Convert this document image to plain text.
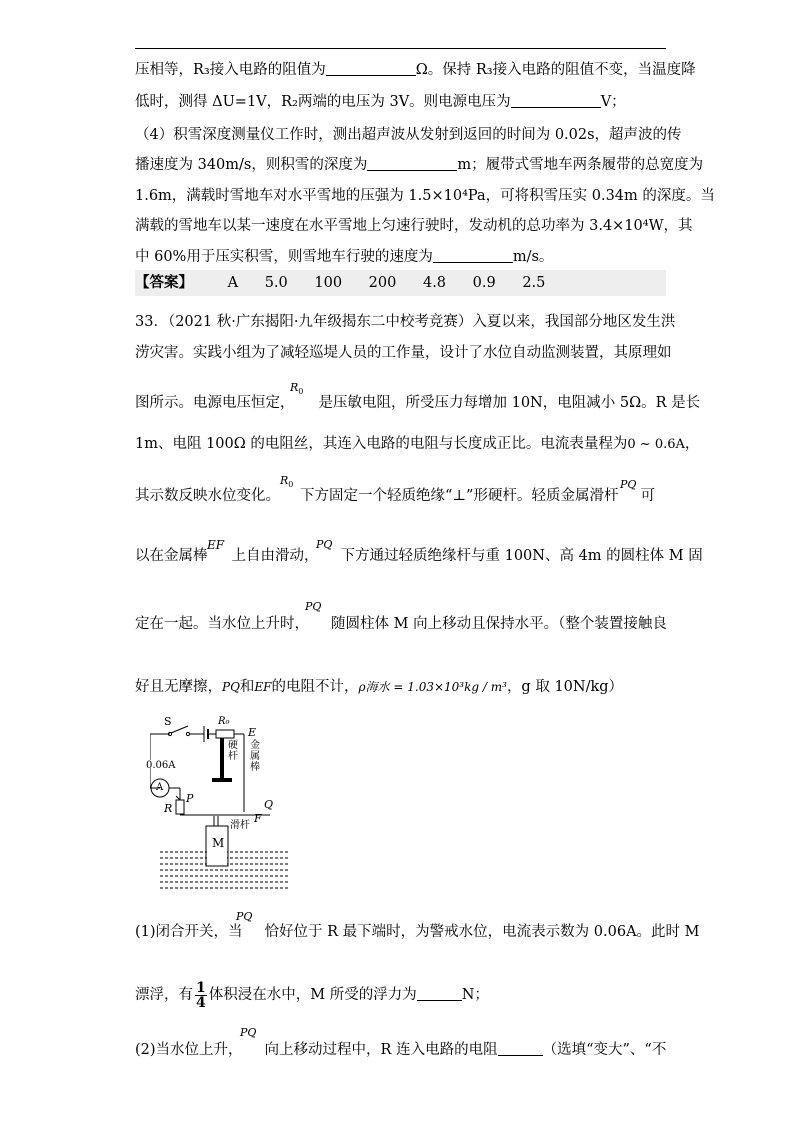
压相等，R₃接入电路的阻值为	Ω。保持 R₃接入电路的阻值不变，当温度降
低时，测得 ΔU=1V，R₂两端的电压为 3V。则电源电压为	V；
（4）积雪深度测量仪工作时，测出超声波从发射到返回的时间为 0.02s，超声波的传
播速度为 340m/s，则积雪的深度为	m；履带式雪地车两条履带的总宽度为
1.6m，满载时雪地车对水平雪地的压强为 1.5×10⁴Pa，可将积雪压实 0.34m 的深度。当
满载的雪地车以某一速度在水平雪地上匀速行驶时，发动机的总功率为 3.4×10⁴W，其
中 60%用于压实积雪，则雪地车行驶的速度为	m/s。
【答案】 A 5.0 100 200 4.8 0.9 2.5
33．（2021 秋·广东揭阳·九年级揭东二中校考竞赛）入夏以来，我国部分地区发生洪
涝灾害。实践小组为了减轻巡堤人员的工作量，设计了水位自动监测装置，其原理如
图所示。电源电压恒定， 是压敏电阻，所受压力每增加 10N，电阻减小 5Ω。R 是长
$R_0$
1m、电阻 100Ω 的电阻丝，其连入电路的电阻与长度成正比。电流表量程为0 ~ 0.6A，
其示数反映水位变化。 下方固定一个轻质绝缘“⊥”形硬杆。轻质金属滑杆 可
$R_0$	PQ
以在金属棒 上自由滑动， 下方通过轻质绝缘杆与重 100N、高 4m 的圆柱体 M 固
EF	PQ
定在一起。当水位上升时， 随圆柱体 M 向上移动且保持水平。（整个装置接触良
PQ
好且无摩擦，PQ和EF的电阻不计，ρ海水 = 1.03×10³kg / m³，g 取 10N/kg）
S	R₀
E
硬杆
金属棒
0.06A
A
P	Q
R
滑杆
F
M
(1)闭合开关，当 恰好位于 R 最下端时，为警戒水位，电流表示数为 0.06A。此时 M
PQ
漂浮，有 $\frac{1}{4}$ 体积浸在水中，M 所受的浮力为	N；
(2)当水位上升， 向上移动过程中，R 连入电路的电阻	（选填“变大”、“不
PQ
